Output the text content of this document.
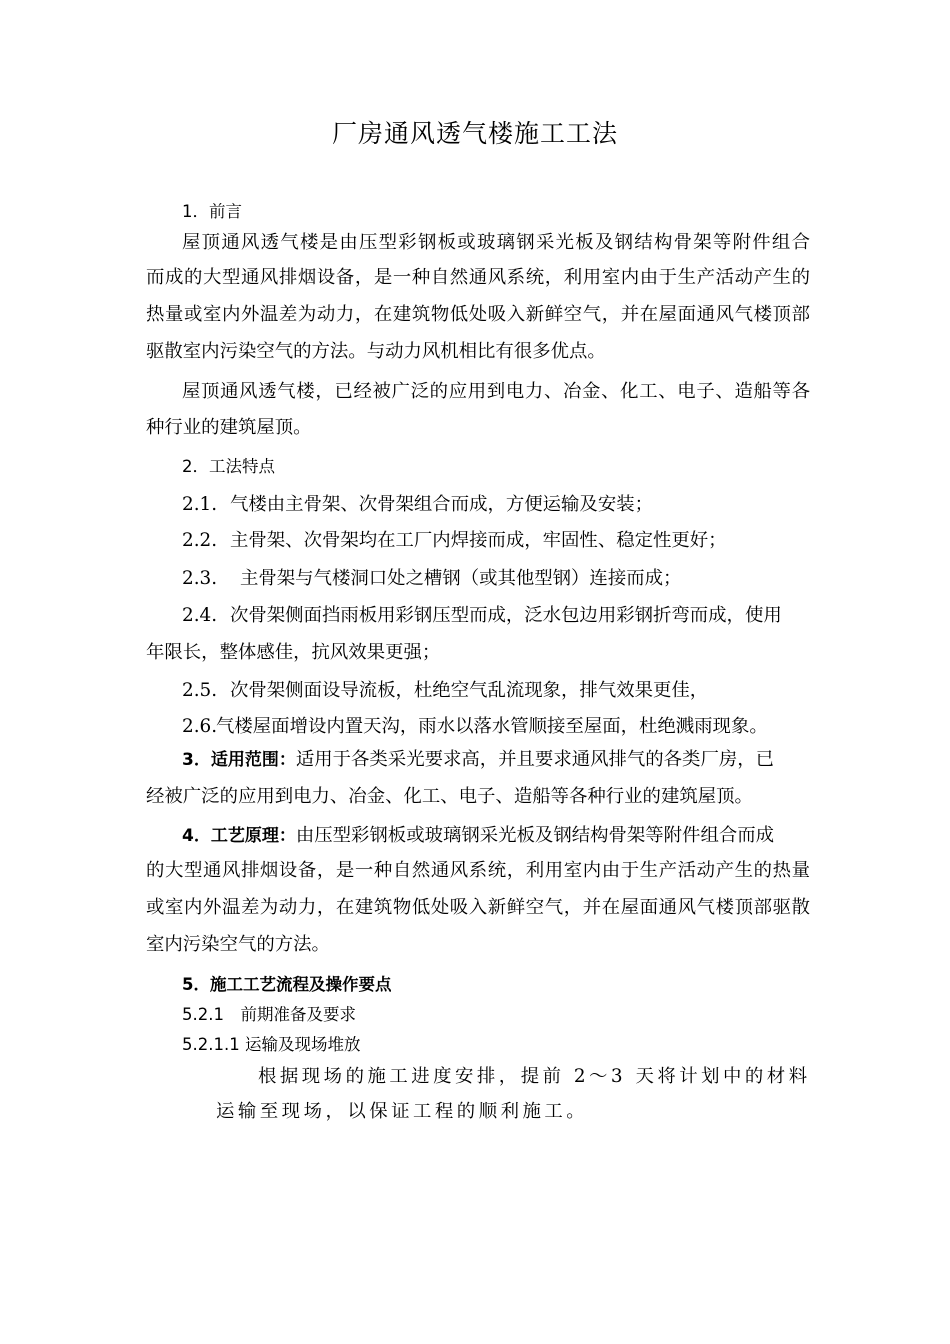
厂房通风透气楼施工工法
1．前言
屋顶通风透气楼是由压型彩钢板或玻璃钢采光板及钢结构骨架等附件组合
而成的大型通风排烟设备，是一种自然通风系统，利用室内由于生产活动产生的
热量或室内外温差为动力，在建筑物低处吸入新鲜空气，并在屋面通风气楼顶部
驱散室内污染空气的方法。与动力风机相比有很多优点。
屋顶通风透气楼，已经被广泛的应用到电力、冶金、化工、电子、造船等各
种行业的建筑屋顶。
2．工法特点
2.1. 气楼由主骨架、次骨架组合而成，方便运输及安装；
2.2. 主骨架、次骨架均在工厂内焊接而成，牢固性、稳定性更好；
2.3. 主骨架与气楼洞口处之槽钢（或其他型钢）连接而成；
2.4. 次骨架侧面挡雨板用彩钢压型而成，泛水包边用彩钢折弯而成，使用
年限长，整体感佳，抗风效果更强；
2.5. 次骨架侧面设导流板，杜绝空气乱流现象，排气效果更佳，
2.6.气楼屋面增设内置天沟，雨水以落水管顺接至屋面，杜绝溅雨现象。
3．适用范围：适用于各类采光要求高，并且要求通风排气的各类厂房，已
经被广泛的应用到电力、冶金、化工、电子、造船等各种行业的建筑屋顶。
4．工艺原理：由压型彩钢板或玻璃钢采光板及钢结构骨架等附件组合而成
的大型通风排烟设备，是一种自然通风系统，利用室内由于生产活动产生的热量
或室内外温差为动力，在建筑物低处吸入新鲜空气，并在屋面通风气楼顶部驱散
室内污染空气的方法。
5．施工工艺流程及操作要点
5.2.1　前期准备及要求
5.2.1.1 运输及现场堆放
根据现场的施工进度安排，提前 2～3 天将计划中的材料
运输至现场，以保证工程的顺利施工。
